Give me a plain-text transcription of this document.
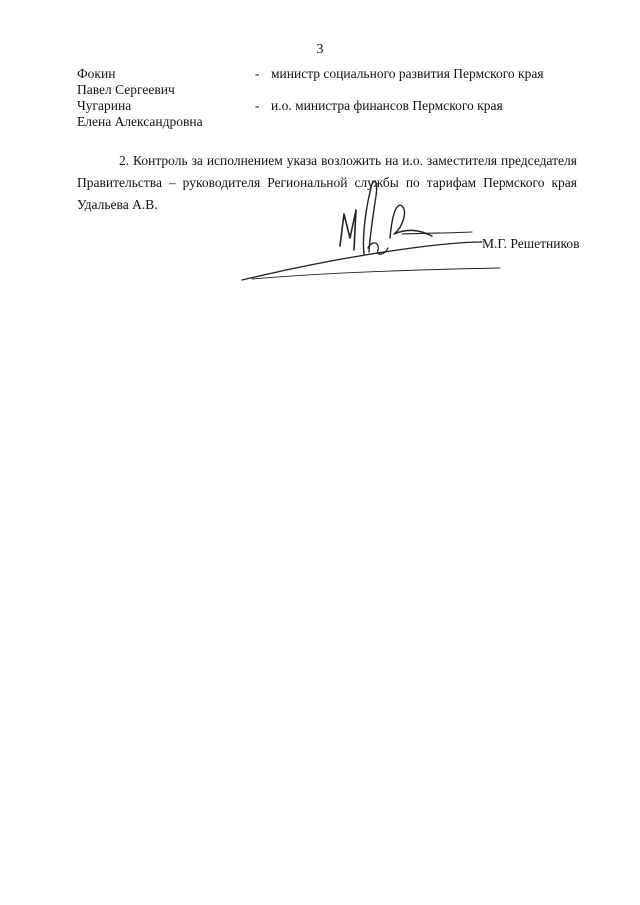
3
Фокин
Павел Сергеевич
- министр социального развития Пермского края
Чугарина
Елена Александровна
- и.о. министра финансов Пермского края

2. Контроль за исполнением указа возложить на и.о. заместителя председателя Правительства – руководителя Региональной службы по тарифам Пермского края Удальева А.В.

М.Г. Решетников
